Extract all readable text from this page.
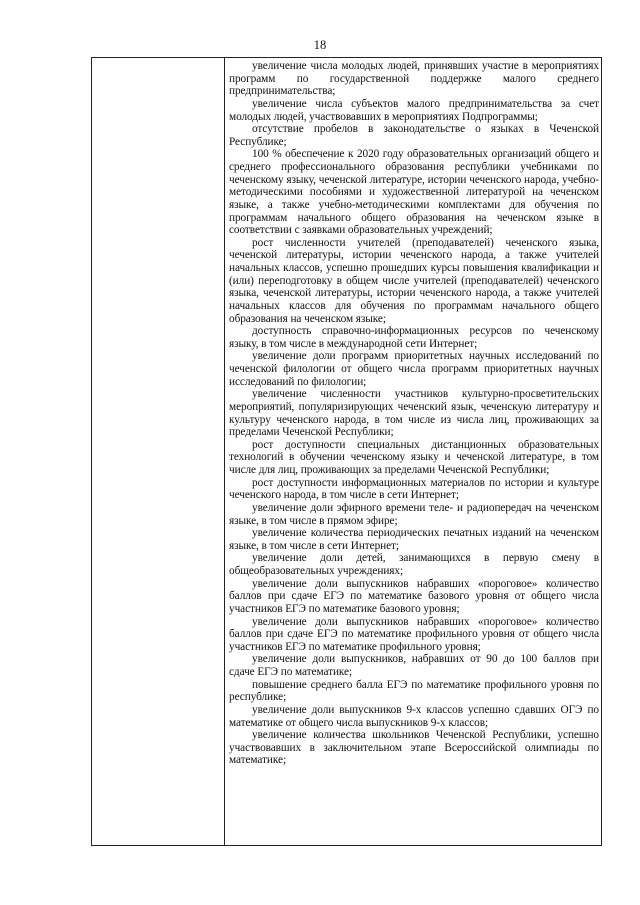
18

увеличение числа молодых людей, принявших участие в мероприятиях программ по государственной поддержке малого среднего предпринимательства;

увеличение числа субъектов малого предпринимательства за счет молодых людей, участвовавших в мероприятиях Подпрограммы;

отсутствие пробелов в законодательстве о языках в Чеченской Республике;

100 % обеспечение к 2020 году образовательных организаций общего и среднего профессионального образования республики учебниками по чеченскому языку, чеченской литературе, истории чеченского народа, учебно-методическими пособиями и художественной литературой на чеченском языке, а также учебно-методическими комплектами для обучения по программам начального общего образования на чеченском языке в соответствии с заявками образовательных учреждений;

рост численности учителей (преподавателей) чеченского языка, чеченской литературы, истории чеченского народа, а также учителей начальных классов, успешно прошедших курсы повышения квалификации и (или) переподготовку в общем числе учителей (преподавателей) чеченского языка, чеченской литературы, истории чеченского народа, а также учителей начальных классов для обучения по программам начального общего образования на чеченском языке;

доступность справочно-информационных ресурсов по чеченскому языку, в том числе в международной сети Интернет;

увеличение доли программ приоритетных научных исследований по чеченской филологии от общего числа программ приоритетных научных исследований по филологии;

увеличение численности участников культурно-просветительских мероприятий, популяризирующих чеченский язык, чеченскую литературу и культуру чеченского народа, в том числе из числа лиц, проживающих за пределами Чеченской Республики;

рост доступности специальных дистанционных образовательных технологий в обучении чеченскому языку и чеченской литературе, в том числе для лиц, проживающих за пределами Чеченской Республики;

рост доступности информационных материалов по истории и культуре чеченского народа, в том числе в сети Интернет;

увеличение доли эфирного времени теле- и радиопередач на чеченском языке, в том числе в прямом эфире;

увеличение количества периодических печатных изданий на чеченском языке, в том числе в сети Интернет;

увеличение доли детей, занимающихся в первую смену в общеобразовательных учреждениях;

увеличение доли выпускников набравших «пороговое» количество баллов при сдаче ЕГЭ по математике базового уровня от общего числа участников ЕГЭ по математике базового уровня;

увеличение доли выпускников набравших «пороговое» количество баллов при сдаче ЕГЭ по математике профильного уровня от общего числа участников ЕГЭ по математике профильного уровня;

увеличение доли выпускников, набравших от 90 до 100 баллов при сдаче ЕГЭ по математике;

повышение среднего балла ЕГЭ по математике профильного уровня по республике;

увеличение доли выпускников 9-х классов успешно сдавших ОГЭ по математике от общего числа выпускников 9-х классов;

увеличение количества школьников Чеченской Республики, успешно участвовавших в заключительном этапе Всероссийской олимпиады по математике;
